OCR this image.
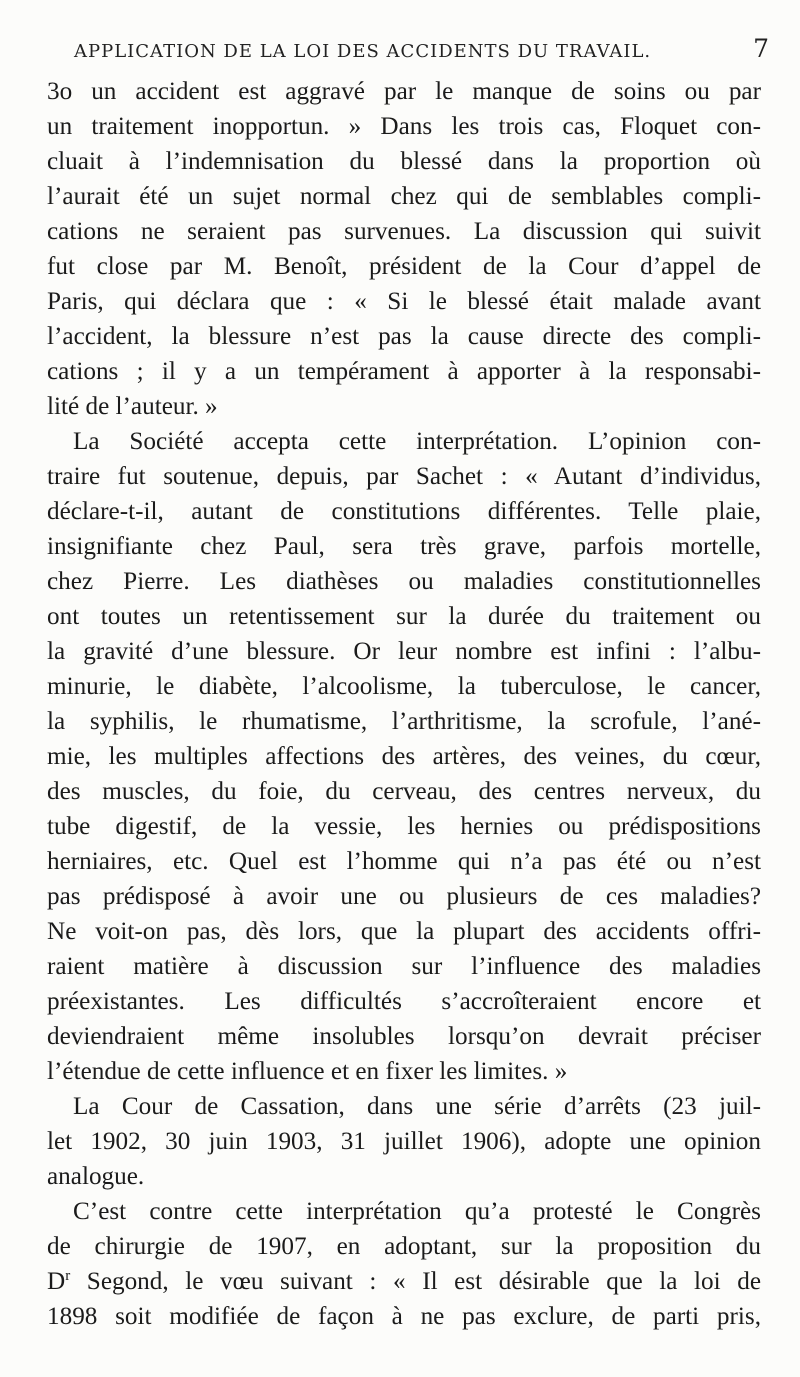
APPLICATION DE LA LOI DES ACCIDENTS DU TRAVAIL.	7
3o un accident est aggravé par le manque de soins ou par
un traitement inopportun. » Dans les trois cas, Floquet con-
cluait à l’indemnisation du blessé dans la proportion où
l’aurait été un sujet normal chez qui de semblables compli-
cations ne seraient pas survenues. La discussion qui suivit
fut close par M. Benoît, président de la Cour d’appel de
Paris, qui déclara que : « Si le blessé était malade avant
l’accident, la blessure n’est pas la cause directe des compli-
cations ; il y a un tempérament à apporter à la responsabi-
lité de l’auteur. »
La Société accepta cette interprétation. L’opinion con-
traire fut soutenue, depuis, par Sachet : « Autant d’individus,
déclare-t-il, autant de constitutions différentes. Telle plaie,
insignifiante chez Paul, sera très grave, parfois mortelle,
chez Pierre. Les diathèses ou maladies constitutionnelles
ont toutes un retentissement sur la durée du traitement ou
la gravité d’une blessure. Or leur nombre est infini : l’albu-
minurie, le diabète, l’alcoolisme, la tuberculose, le cancer,
la syphilis, le rhumatisme, l’arthritisme, la scrofule, l’ané-
mie, les multiples affections des artères, des veines, du cœur,
des muscles, du foie, du cerveau, des centres nerveux, du
tube digestif, de la vessie, les hernies ou prédispositions
herniaires, etc. Quel est l’homme qui n’a pas été ou n’est
pas prédisposé à avoir une ou plusieurs de ces maladies?
Ne voit-on pas, dès lors, que la plupart des accidents offri-
raient matière à discussion sur l’influence des maladies
préexistantes. Les difficultés s’accroîteraient encore et
deviendraient même insolubles lorsqu’on devrait préciser
l’étendue de cette influence et en fixer les limites. »
La Cour de Cassation, dans une série d’arrêts (23 juil-
let 1902, 30 juin 1903, 31 juillet 1906), adopte une opinion
analogue.
C’est contre cette interprétation qu’a protesté le Congrès
de chirurgie de 1907, en adoptant, sur la proposition du
$D^r$ Segond, le vœu suivant : « Il est désirable que la loi de
1898 soit modifiée de façon à ne pas exclure, de parti pris,
